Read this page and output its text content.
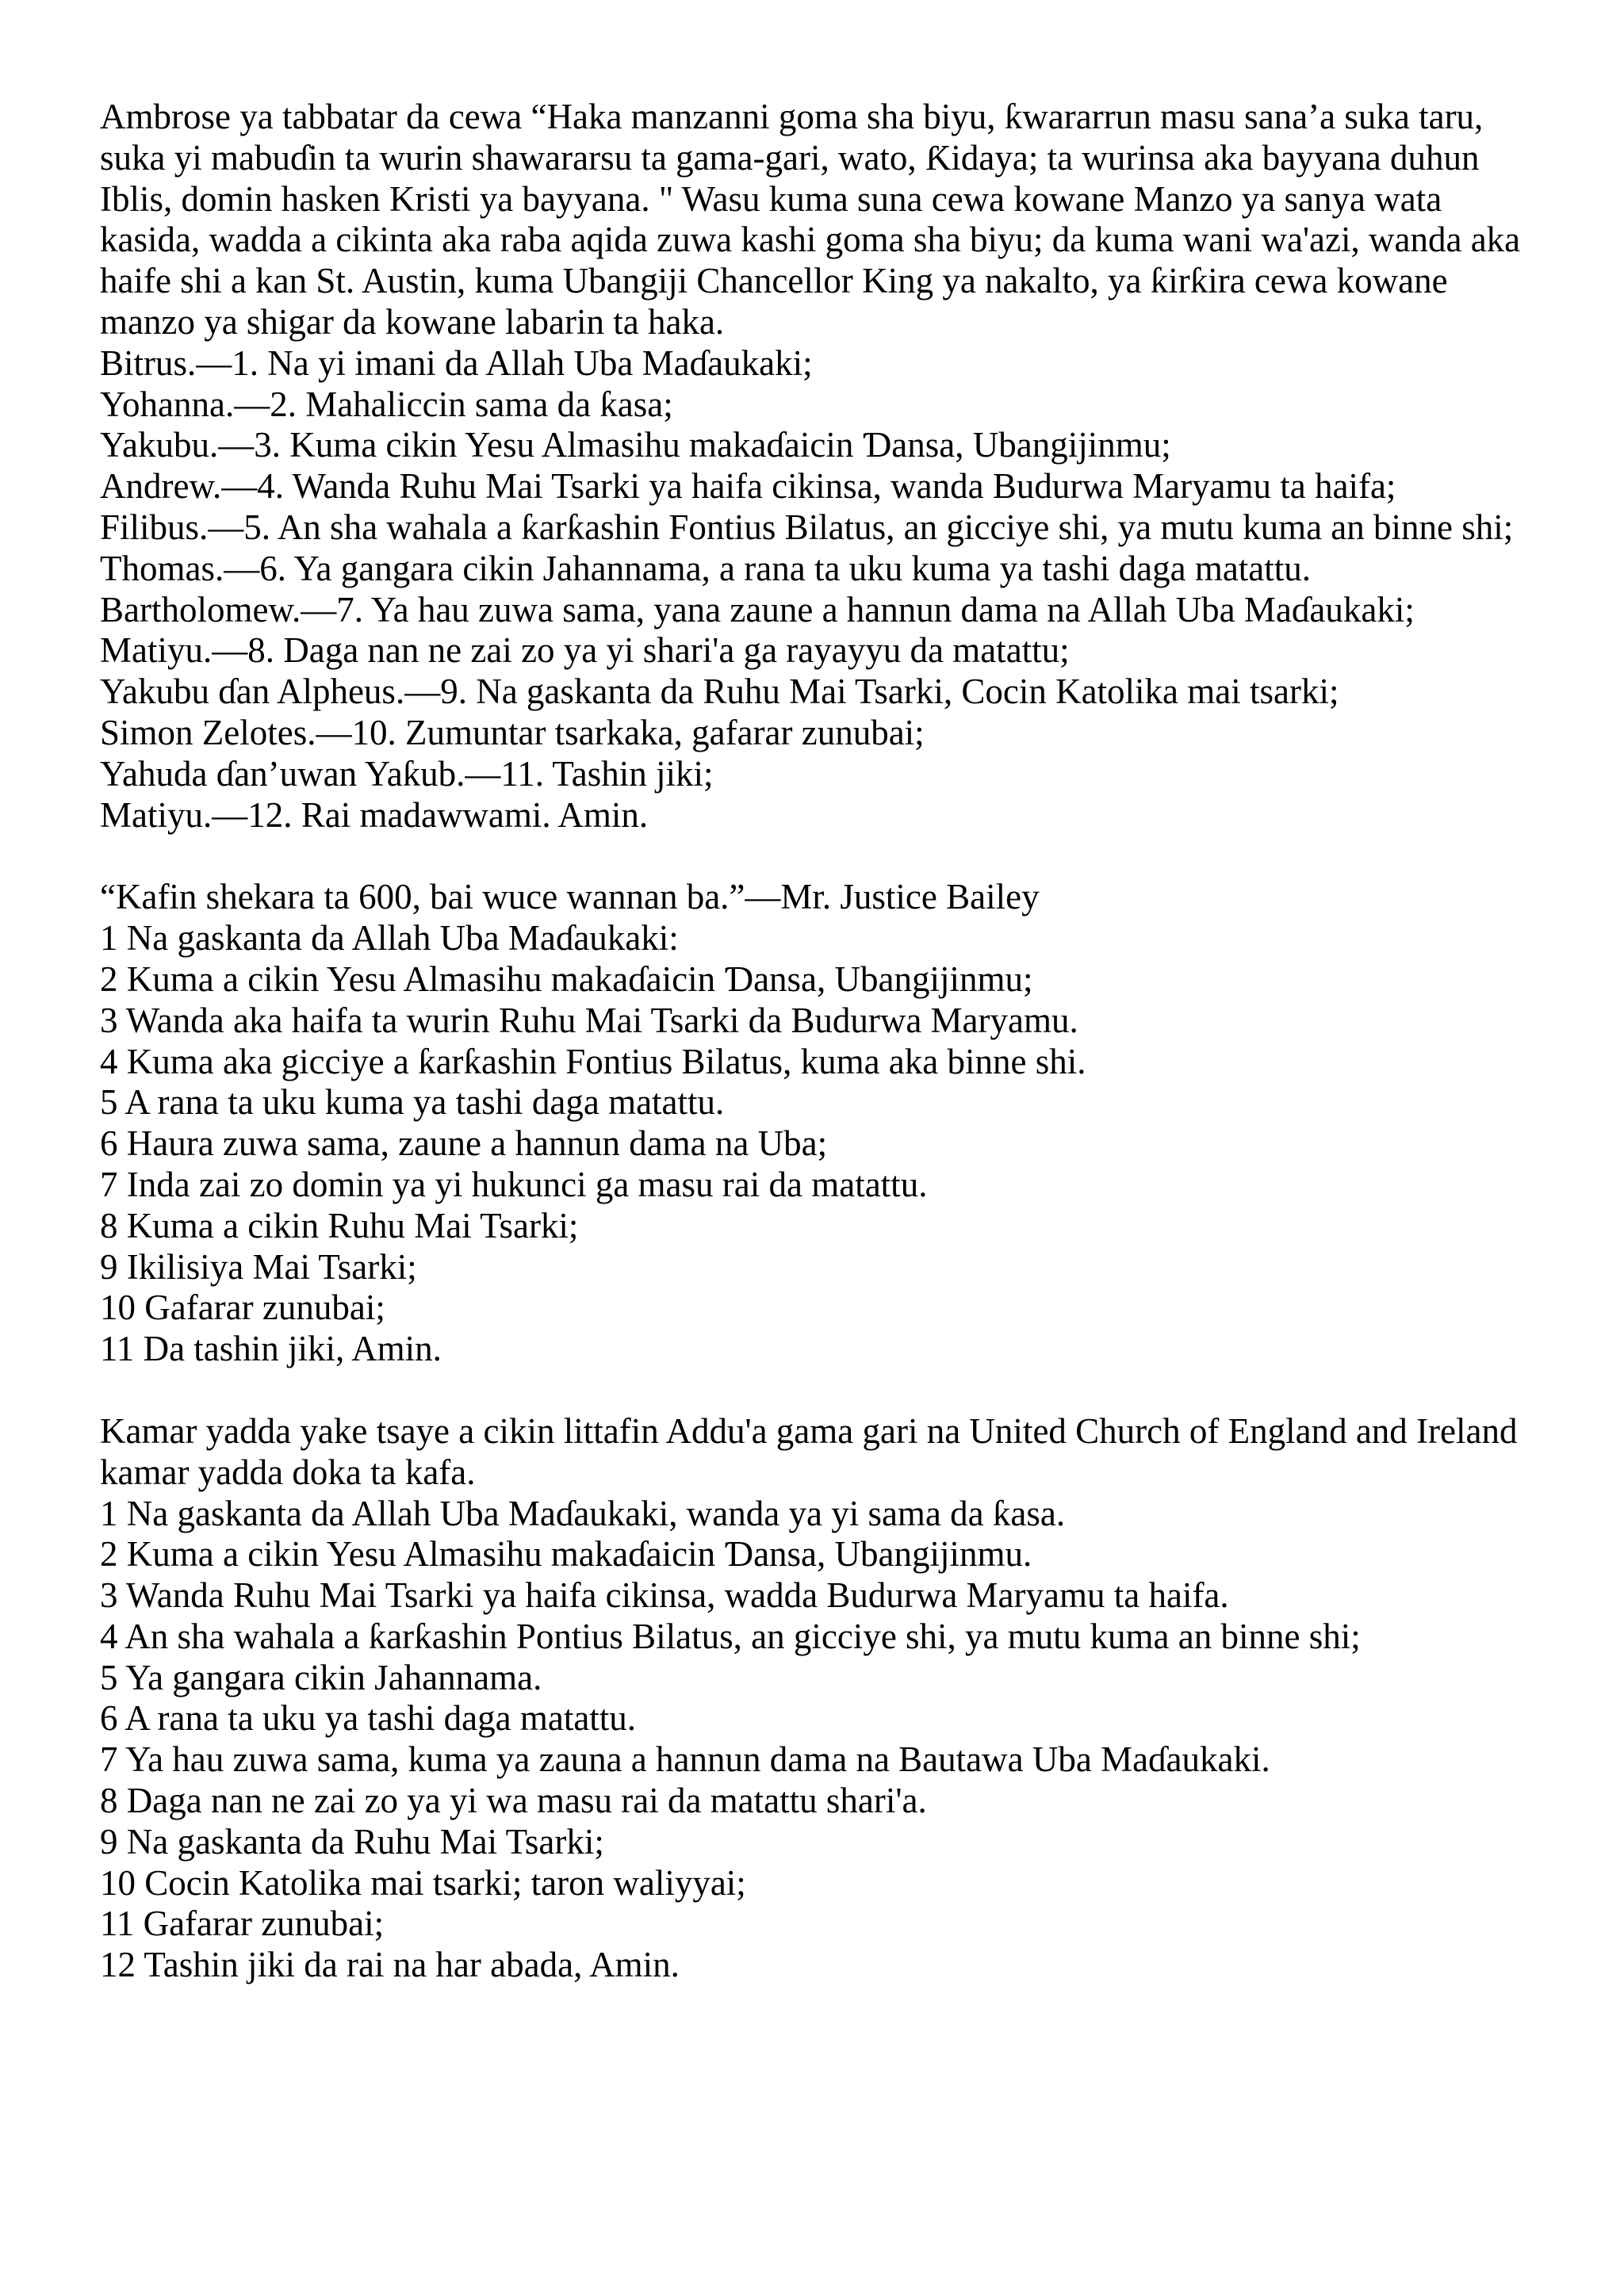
Ambrose ya tabbatar da cewa “Haka manzanni goma sha biyu, ƙwararrun masu sana’a suka taru, suka yi mabuɗin ta wurin shawararsu ta gama-gari, wato, Ƙidaya; ta wurinsa aka bayyana duhun Iblis, domin hasken Kristi ya bayyana. " Wasu kuma suna cewa kowane Manzo ya sanya wata kasida, wadda a cikinta aka raba aqida zuwa kashi goma sha biyu; da kuma wani wa'azi, wanda aka haife shi a kan St. Austin, kuma Ubangiji Chancellor King ya nakalto, ya ƙirƙira cewa kowane manzo ya shigar da kowane labarin ta haka.

Bitrus.—1. Na yi imani da Allah Uba Maɗaukaki;

Yohanna.—2. Mahaliccin sama da ƙasa;

Yakubu.—3. Kuma cikin Yesu Almasihu makaɗaicin Ɗansa, Ubangijinmu;

Andrew.—4. Wanda Ruhu Mai Tsarki ya haifa cikinsa, wanda Budurwa Maryamu ta haifa;

Filibus.—5. An sha wahala a ƙarƙashin Fontius Bilatus, an gicciye shi, ya mutu kuma an binne shi;

Thomas.—6. Ya gangara cikin Jahannama, a rana ta uku kuma ya tashi daga matattu.

Bartholomew.—7. Ya hau zuwa sama, yana zaune a hannun dama na Allah Uba Maɗaukaki;

Matiyu.—8. Daga nan ne zai zo ya yi shari'a ga rayayyu da matattu;

Yakubu ɗan Alpheus.—9. Na gaskanta da Ruhu Mai Tsarki, Cocin Katolika mai tsarki;

Simon Zelotes.—10. Zumuntar tsarkaka, gafarar zunubai;

Yahuda ɗan’uwan Yaƙub.—11. Tashin jiki;

Matiyu.—12. Rai madawwami. Amin.

“Kafin shekara ta 600, bai wuce wannan ba.”—Mr. Justice Bailey

1 Na gaskanta da Allah Uba Maɗaukaki:

2 Kuma a cikin Yesu Almasihu makaɗaicin Ɗansa, Ubangijinmu;

3 Wanda aka haifa ta wurin Ruhu Mai Tsarki da Budurwa Maryamu.

4 Kuma aka gicciye a ƙarƙashin Fontius Bilatus, kuma aka binne shi.

5 A rana ta uku kuma ya tashi daga matattu.

6 Haura zuwa sama, zaune a hannun dama na Uba;

7 Inda zai zo domin ya yi hukunci ga masu rai da matattu.

8 Kuma a cikin Ruhu Mai Tsarki;

9 Ikilisiya Mai Tsarki;

10 Gafarar zunubai;

11 Da tashin jiki, Amin.

Kamar yadda yake tsaye a cikin littafin Addu'a gama gari na United Church of England and Ireland kamar yadda doka ta kafa.

1 Na gaskanta da Allah Uba Maɗaukaki, wanda ya yi sama da ƙasa.

2 Kuma a cikin Yesu Almasihu makaɗaicin Ɗansa, Ubangijinmu.

3 Wanda Ruhu Mai Tsarki ya haifa cikinsa, wadda Budurwa Maryamu ta haifa.

4 An sha wahala a ƙarƙashin Pontius Bilatus, an gicciye shi, ya mutu kuma an binne shi;

5 Ya gangara cikin Jahannama.

6 A rana ta uku ya tashi daga matattu.

7 Ya hau zuwa sama, kuma ya zauna a hannun dama na Bautawa Uba Maɗaukaki.

8 Daga nan ne zai zo ya yi wa masu rai da matattu shari'a.

9 Na gaskanta da Ruhu Mai Tsarki;

10 Cocin Katolika mai tsarki; taron waliyyai;

11 Gafarar zunubai;

12 Tashin jiki da rai na har abada, Amin.
